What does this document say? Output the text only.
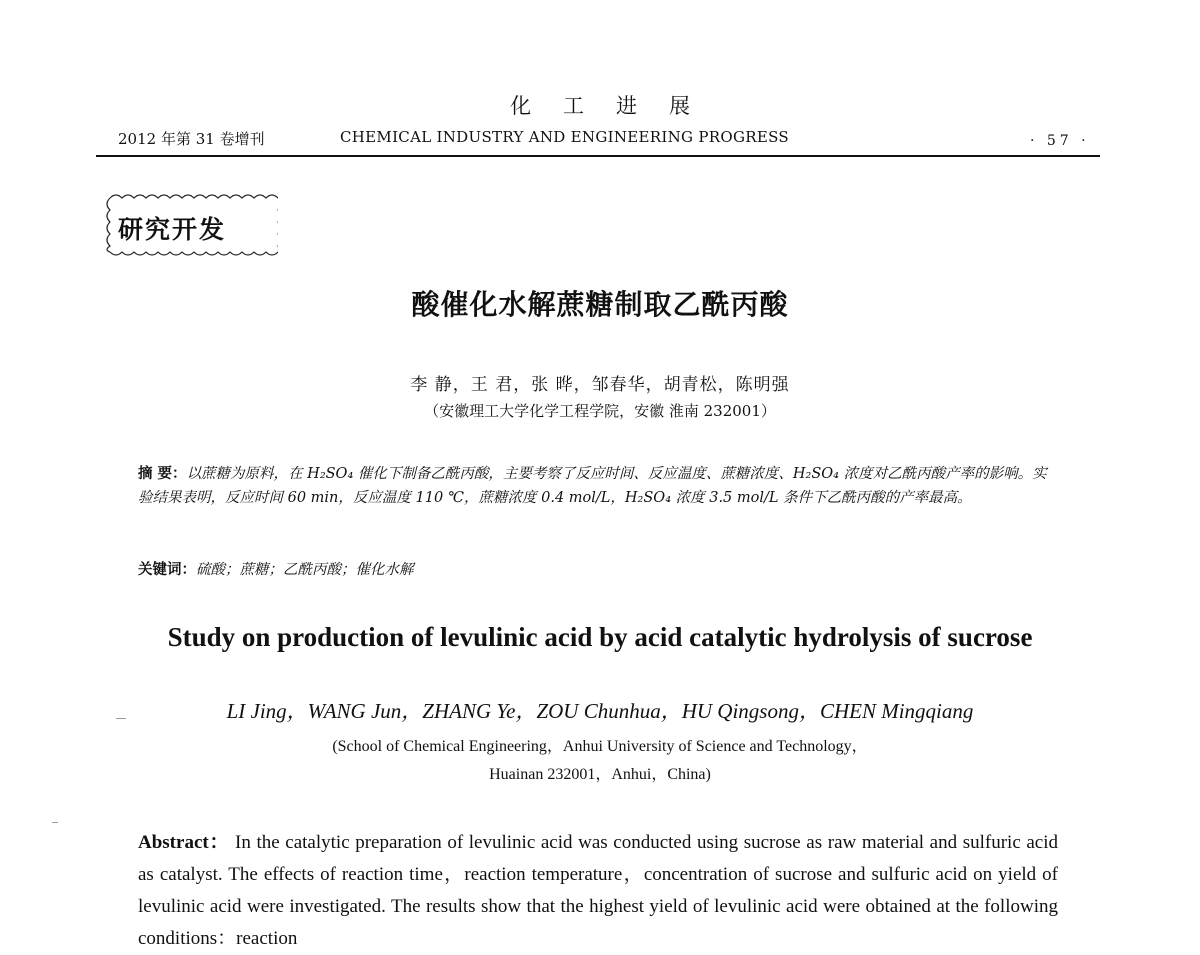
化工进展
2012 年第 31 卷增刊	CHEMICAL INDUSTRY AND ENGINEERING PROGRESS	· 57 ·
研究开发
酸催化水解蔗糖制取乙酰丙酸
李 静，王 君，张 晔，邹春华，胡青松，陈明强
（安徽理工大学化学工程学院，安徽 淮南 232001）
摘 要：以蔗糖为原料，在 H₂SO₄ 催化下制备乙酰丙酸，主要考察了反应时间、反应温度、蔗糖浓度、H₂SO₄ 浓度对乙酰丙酸产率的影响。实验结果表明，反应时间 60 min，反应温度 110 ℃，蔗糖浓度 0.4 mol/L，H₂SO₄ 浓度 3.5 mol/L 条件下乙酰丙酸的产率最高。
关键词：硫酸；蔗糖；乙酰丙酸；催化水解
Study on production of levulinic acid by acid catalytic hydrolysis of sucrose
LI Jing，WANG Jun，ZHANG Ye，ZOU Chunhua，HU Qingsong，CHEN Mingqiang
(School of Chemical Engineering，Anhui University of Science and Technology，
Huainan 232001，Anhui，China)
Abstract： In the catalytic preparation of levulinic acid was conducted using sucrose as raw material and sulfuric acid as catalyst. The effects of reaction time，reaction temperature，concentration of sucrose and sulfuric acid on yield of levulinic acid were investigated. The results show that the highest yield of levulinic acid were obtained at the following conditions：reaction
